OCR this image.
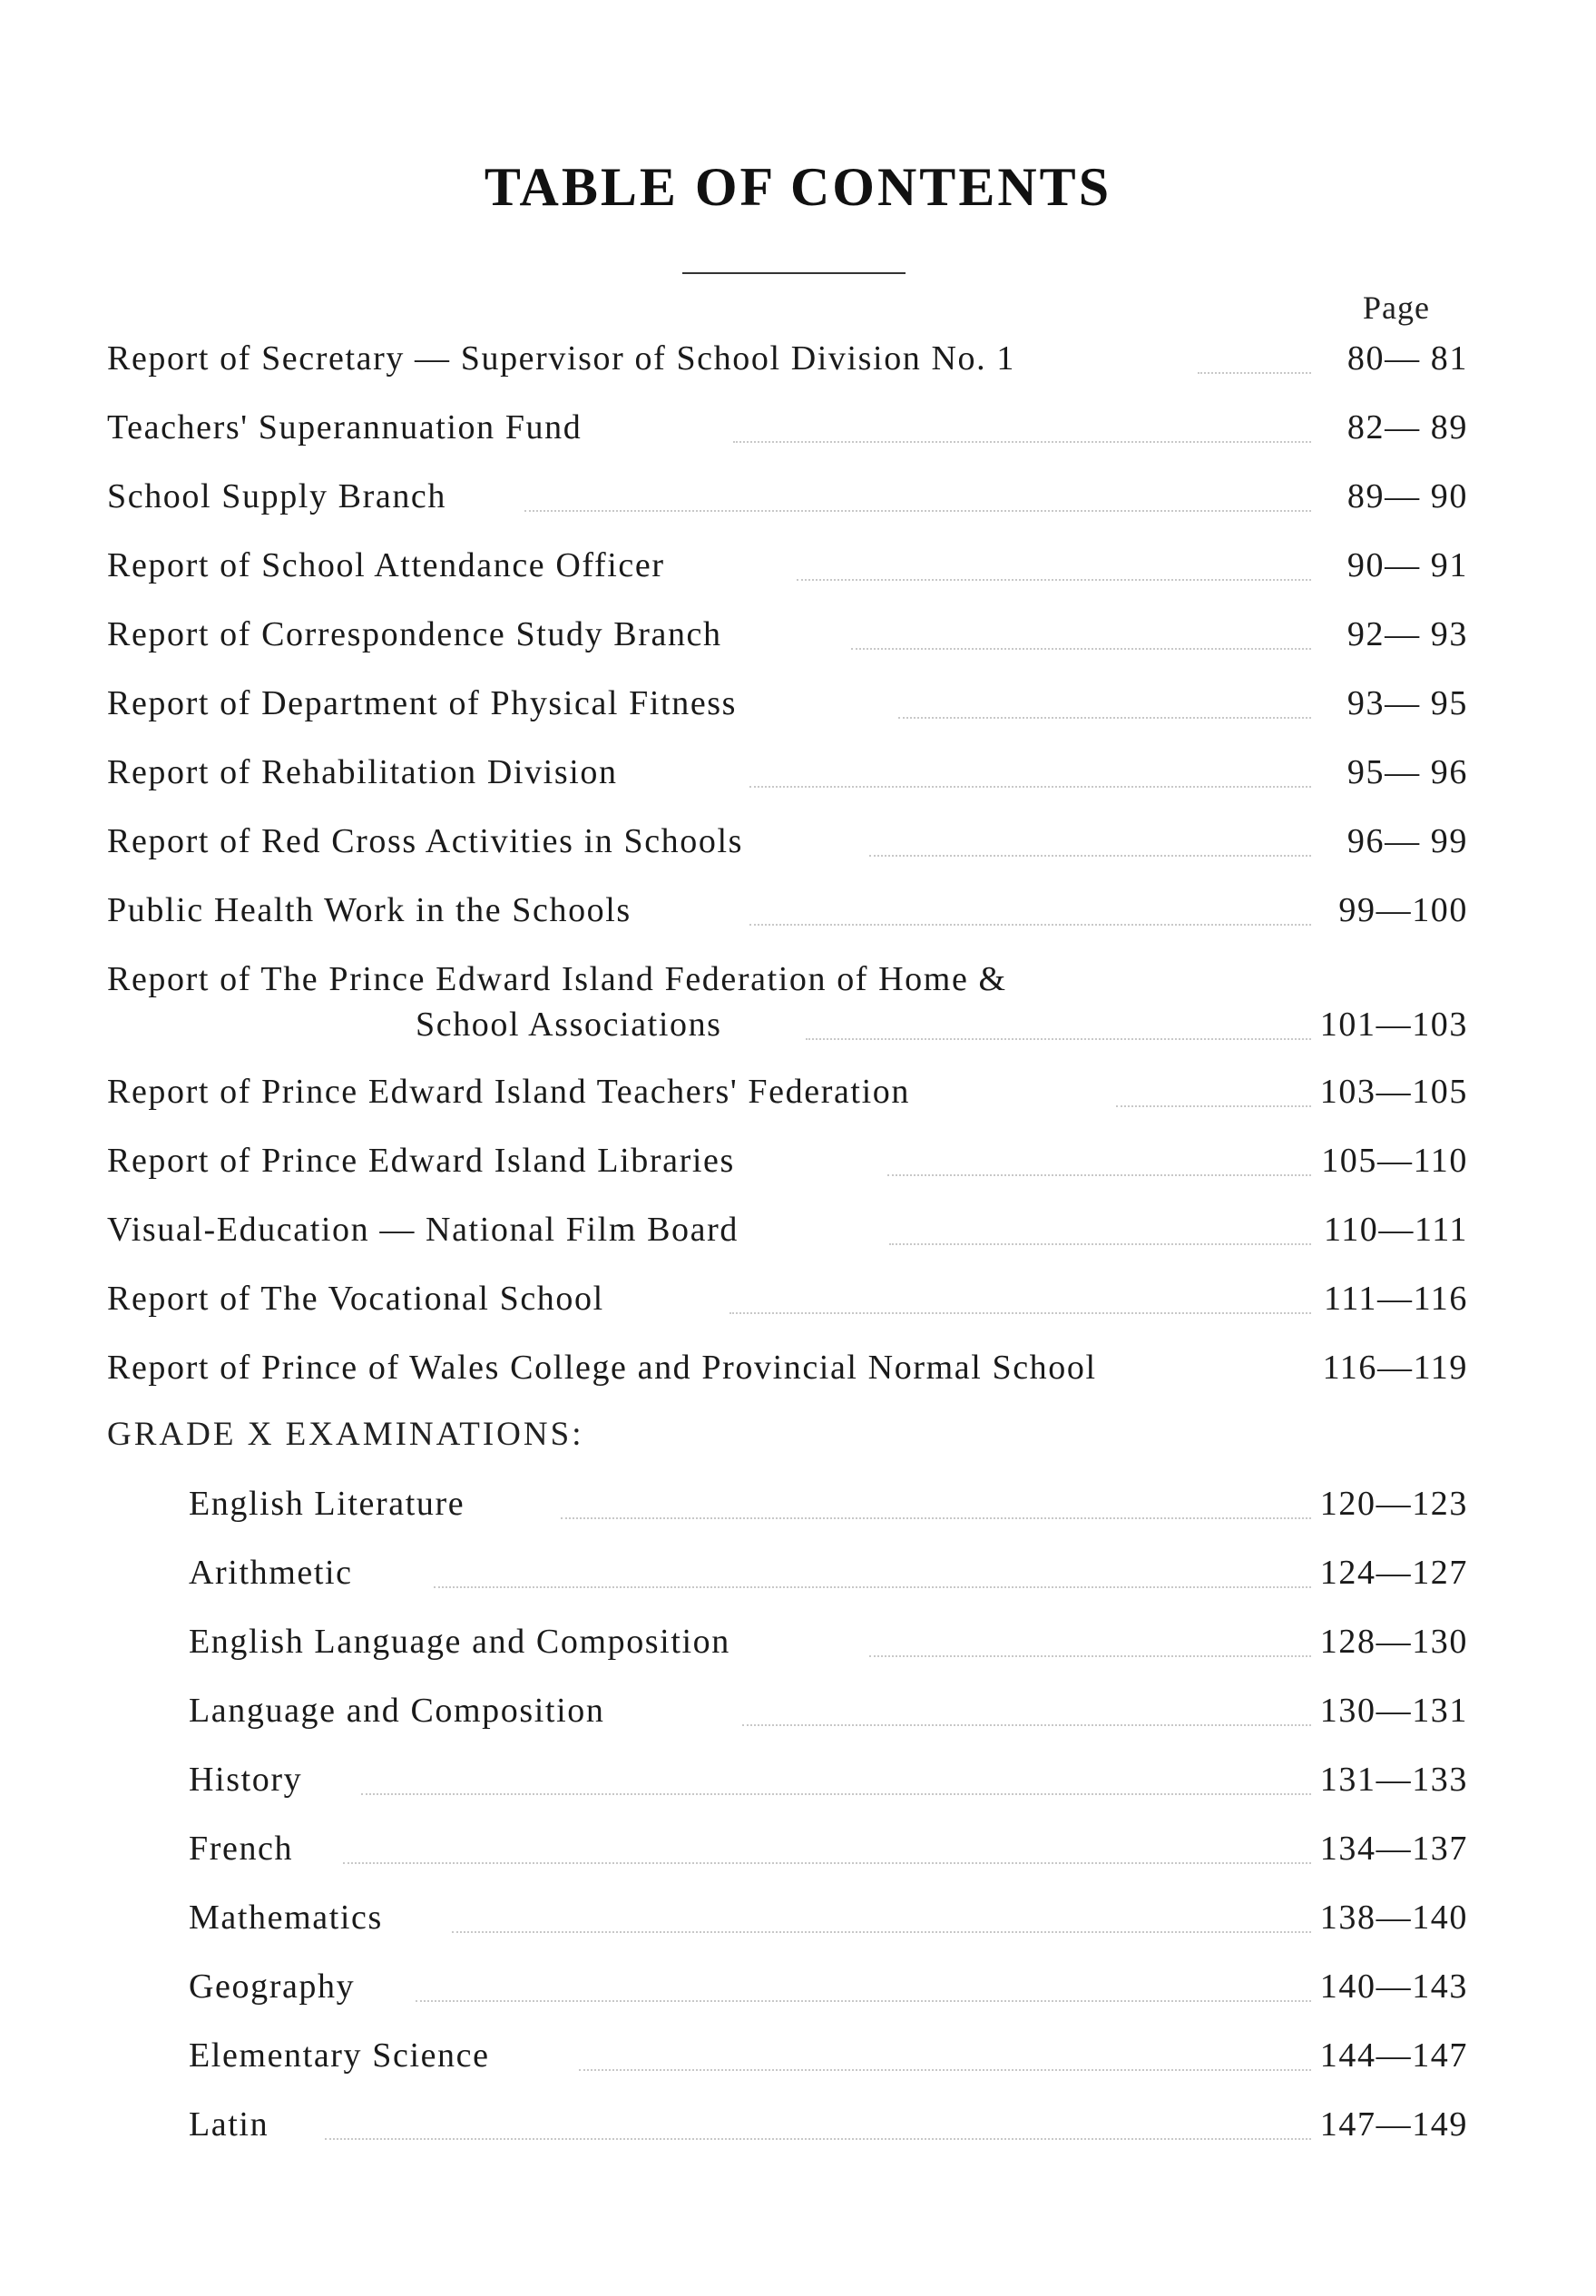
TABLE OF CONTENTS
Page
Report of Secretary — Supervisor of School Division No. 1	80— 81
Teachers' Superannuation Fund	82— 89
School Supply Branch	89— 90
Report of School Attendance Officer	90— 91
Report of Correspondence Study Branch	92— 93
Report of Department of Physical Fitness	93— 95
Report of Rehabilitation Division	95— 96
Report of Red Cross Activities in Schools	96— 99
Public Health Work in the Schools	99—100
Report of The Prince Edward Island Federation of Home &
School Associations	101—103
Report of Prince Edward Island Teachers' Federation	103—105
Report of Prince Edward Island Libraries	105—110
Visual-Education — National Film Board	110—111
Report of The Vocational School	111—116
Report of Prince of Wales College and Provincial Normal School	116—119
GRADE X EXAMINATIONS:
English Literature	120—123
Arithmetic	124—127
English Language and Composition	128—130
Language and Composition	130—131
History	131—133
French	134—137
Mathematics	138—140
Geography	140—143
Elementary Science	144—147
Latin	147—149
